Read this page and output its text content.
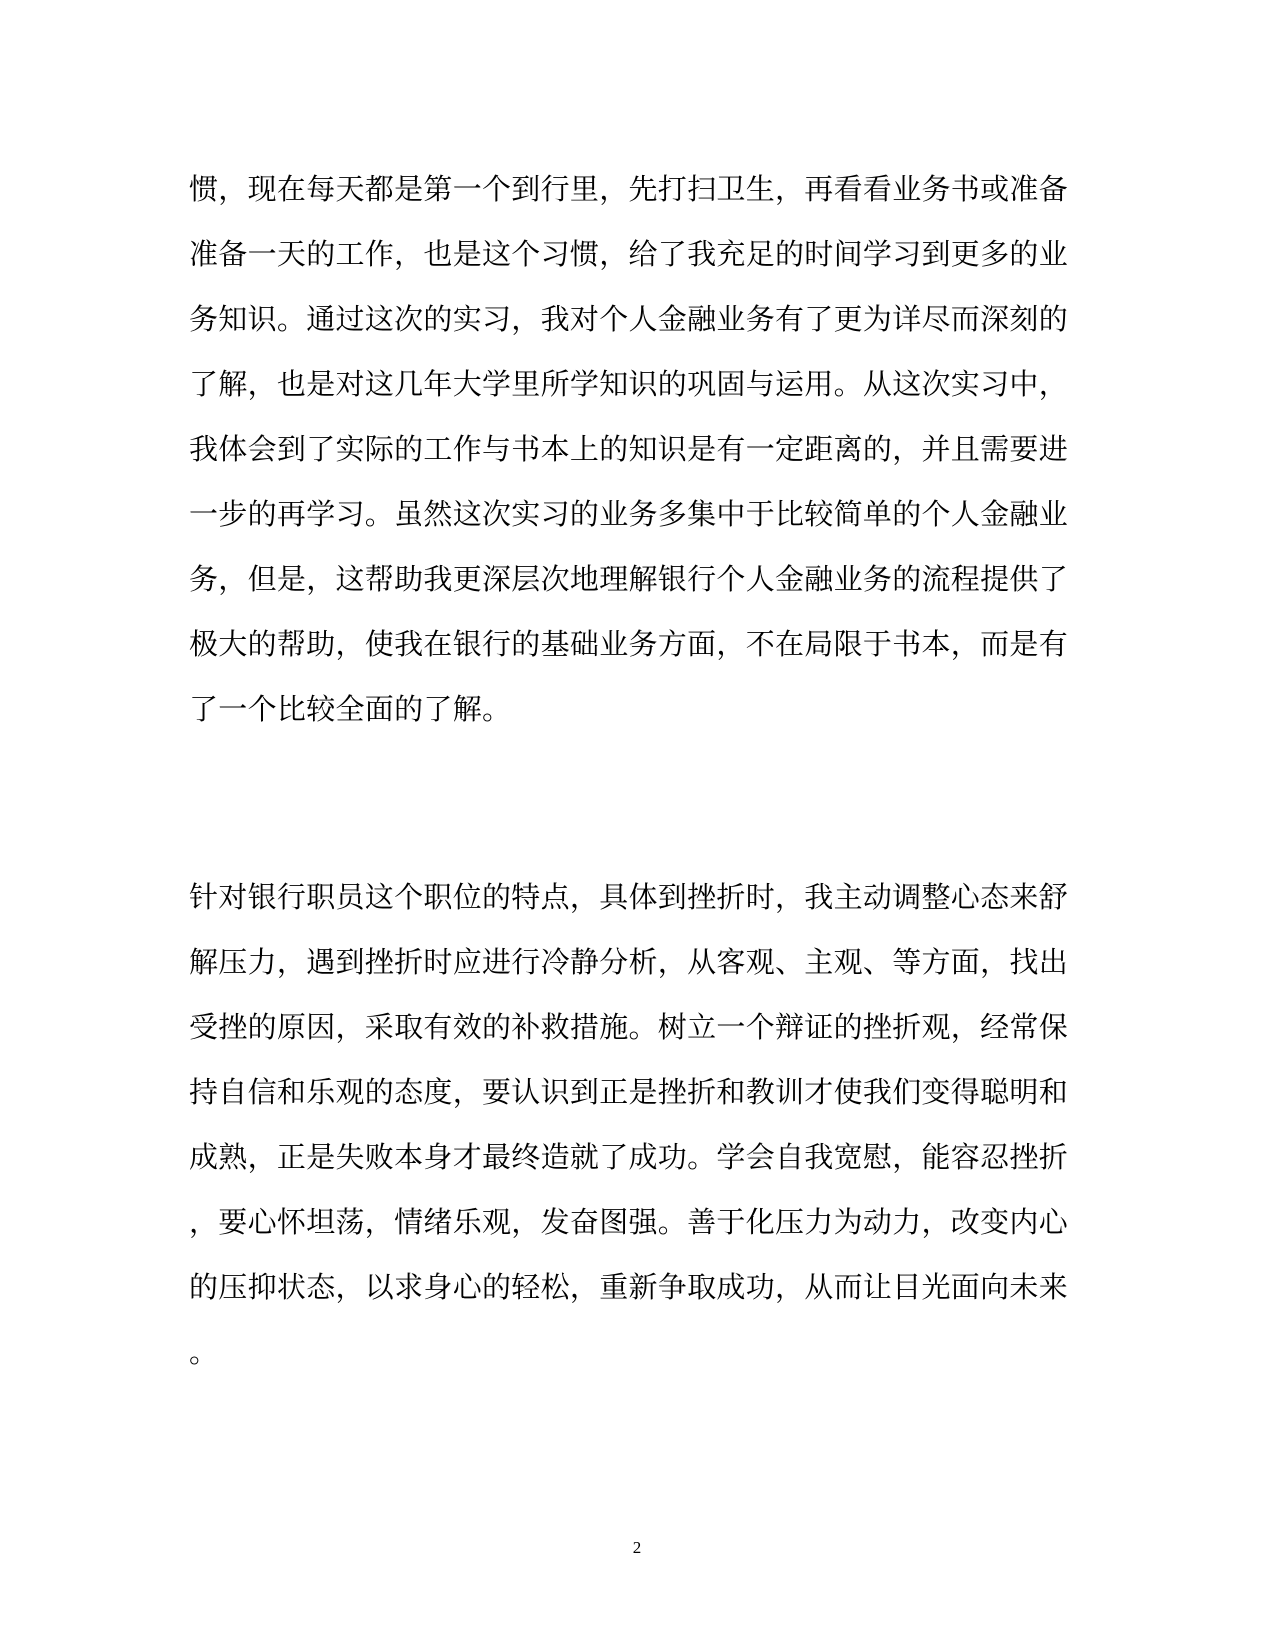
惯，现在每天都是第一个到行里，先打扫卫生，再看看业务书或准备
准备一天的工作，也是这个习惯，给了我充足的时间学习到更多的业
务知识。通过这次的实习，我对个人金融业务有了更为详尽而深刻的
了解，也是对这几年大学里所学知识的巩固与运用。从这次实习中，
我体会到了实际的工作与书本上的知识是有一定距离的，并且需要进
一步的再学习。虽然这次实习的业务多集中于比较简单的个人金融业
务，但是，这帮助我更深层次地理解银行个人金融业务的流程提供了
极大的帮助，使我在银行的基础业务方面，不在局限于书本，而是有
了一个比较全面的了解。
针对银行职员这个职位的特点，具体到挫折时，我主动调整心态来舒
解压力，遇到挫折时应进行冷静分析，从客观、主观、等方面，找出
受挫的原因，采取有效的补救措施。树立一个辩证的挫折观，经常保
持自信和乐观的态度，要认识到正是挫折和教训才使我们变得聪明和
成熟，正是失败本身才最终造就了成功。学会自我宽慰，能容忍挫折
，要心怀坦荡，情绪乐观，发奋图强。善于化压力为动力，改变内心
的压抑状态，以求身心的轻松，重新争取成功，从而让目光面向未来
。
2
